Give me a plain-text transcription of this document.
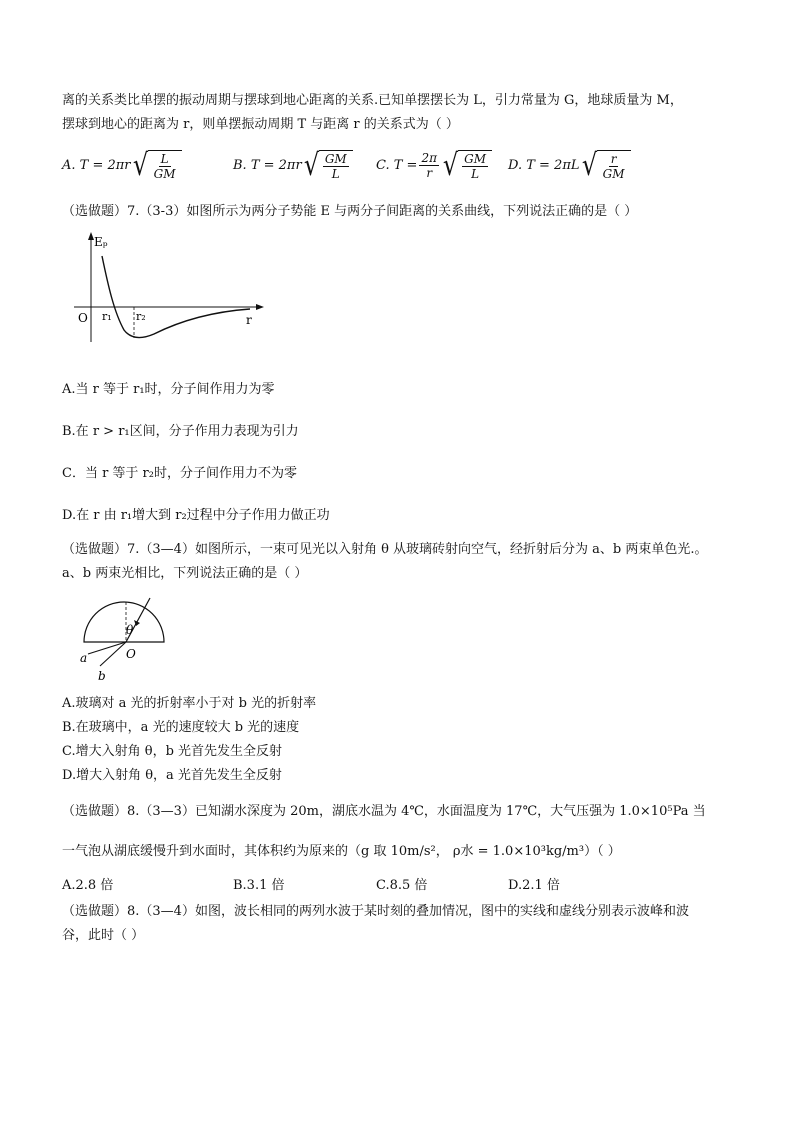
离的关系类比单摆的振动周期与摆球到地心距离的关系.已知单摆摆长为 L，引力常量为 G，地球质量为 M，
摆球到地心的距离为 r，则单摆振动周期 T 与距离 r 的关系式为（ ）
A. T = 2πr √ $\frac{L}{GM}$	B. T = 2πr √ $\frac{GM}{L} C$. $T = \frac{2\pi}{r}$ √ $\frac{GM}{L} D$. T = 2πL √ $\frac{r}{GM}$
（选做题）7.（3-3）如图所示为两分子势能 E 与两分子间距离的关系曲线，下列说法正确的是（ ）
Eₚ
r
O r₁ r₂
A.当 r 等于 r₁时，分子间作用力为零
B.在 r > r₁区间，分子作用力表现为引力
C．当 r 等于 r₂时，分子间作用力不为零
D.在 r 由 r₁增大到 r₂过程中分子作用力做正功
（选做题）7.（3—4）如图所示，一束可见光以入射角 θ 从玻璃砖射向空气，经折射后分为 a、b 两束单色光.。
a、b 两束光相比，下列说法正确的是（ ）
θ
a
b
O
A.玻璃对 a 光的折射率小于对 b 光的折射率
B.在玻璃中，a 光的速度较大 b 光的速度
C.增大入射角 θ，b 光首先发生全反射
D.增大入射角 θ，a 光首先发生全反射
（选做题）8.（3—3）已知湖水深度为 20m，湖底水温为 4℃，水面温度为 17℃，大气压强为 1.0×10⁵Pa 当
一气泡从湖底缓慢升到水面时，其体积约为原来的（g 取 10m/s²， ρ水 = 1.0×10³kg/m³）（ ）
A.2.8 倍	B.3.1 倍	C.8.5 倍	D.2.1 倍
（选做题）8.（3—4）如图，波长相同的两列水波于某时刻的叠加情况，图中的实线和虚线分别表示波峰和波
谷，此时（ ）
